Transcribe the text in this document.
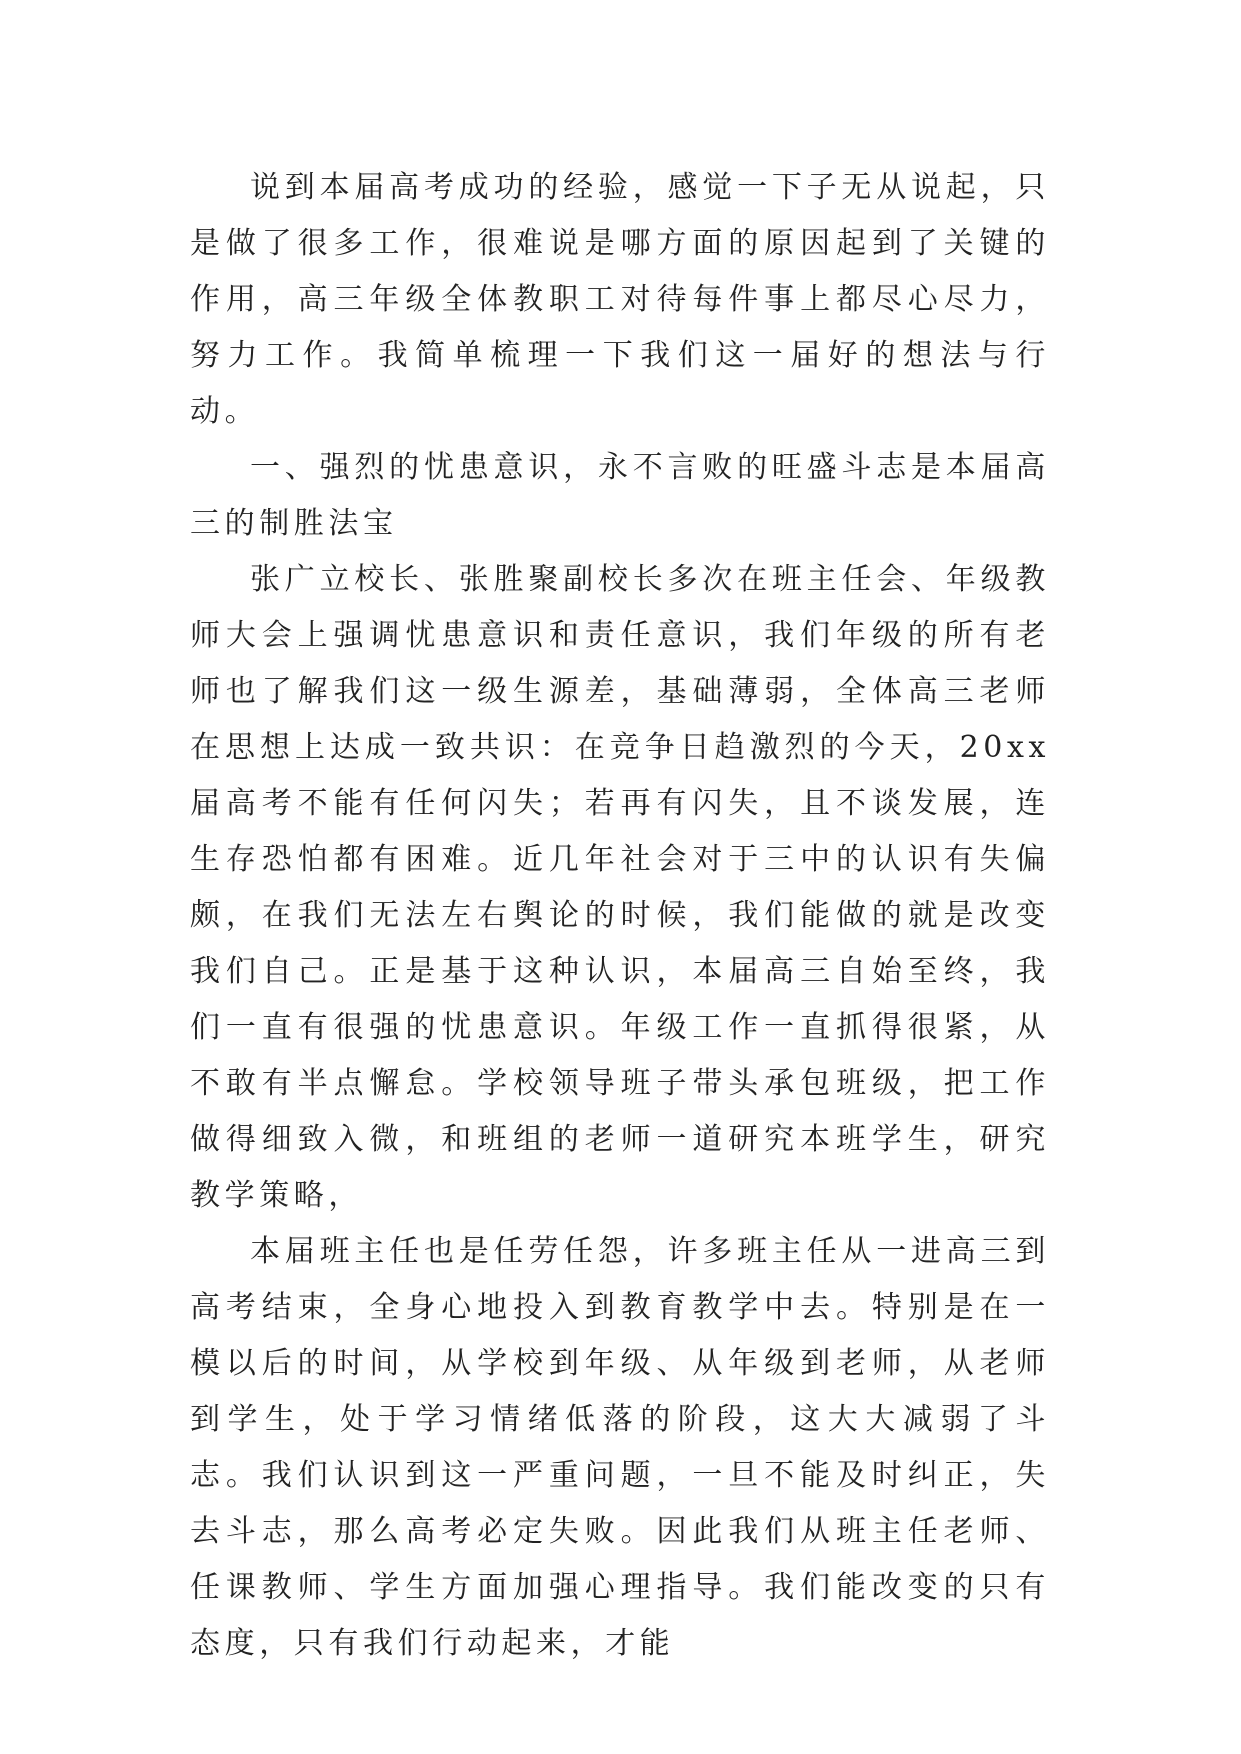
说到本届高考成功的经验，感觉一下子无从说起，只是做了很多工作，很难说是哪方面的原因起到了关键的作用，高三年级全体教职工对待每件事上都尽心尽力，努力工作。我简单梳理一下我们这一届好的想法与行动。

一、强烈的忧患意识，永不言败的旺盛斗志是本届高三的制胜法宝

张广立校长、张胜聚副校长多次在班主任会、年级教师大会上强调忧患意识和责任意识，我们年级的所有老师也了解我们这一级生源差，基础薄弱，全体高三老师在思想上达成一致共识：在竞争日趋激烈的今天，20xx届高考不能有任何闪失；若再有闪失，且不谈发展，连生存恐怕都有困难。近几年社会对于三中的认识有失偏颇，在我们无法左右舆论的时候，我们能做的就是改变我们自己。正是基于这种认识，本届高三自始至终，我们一直有很强的忧患意识。年级工作一直抓得很紧，从不敢有半点懈怠。学校领导班子带头承包班级，把工作做得细致入微，和班组的老师一道研究本班学生，研究教学策略，

本届班主任也是任劳任怨，许多班主任从一进高三到高考结束，全身心地投入到教育教学中去。特别是在一模以后的时间，从学校到年级、从年级到老师，从老师到学生，处于学习情绪低落的阶段，这大大减弱了斗志。我们认识到这一严重问题，一旦不能及时纠正，失去斗志，那么高考必定失败。因此我们从班主任老师、任课教师、学生方面加强心理指导。我们能改变的只有态度，只有我们行动起来，才能
